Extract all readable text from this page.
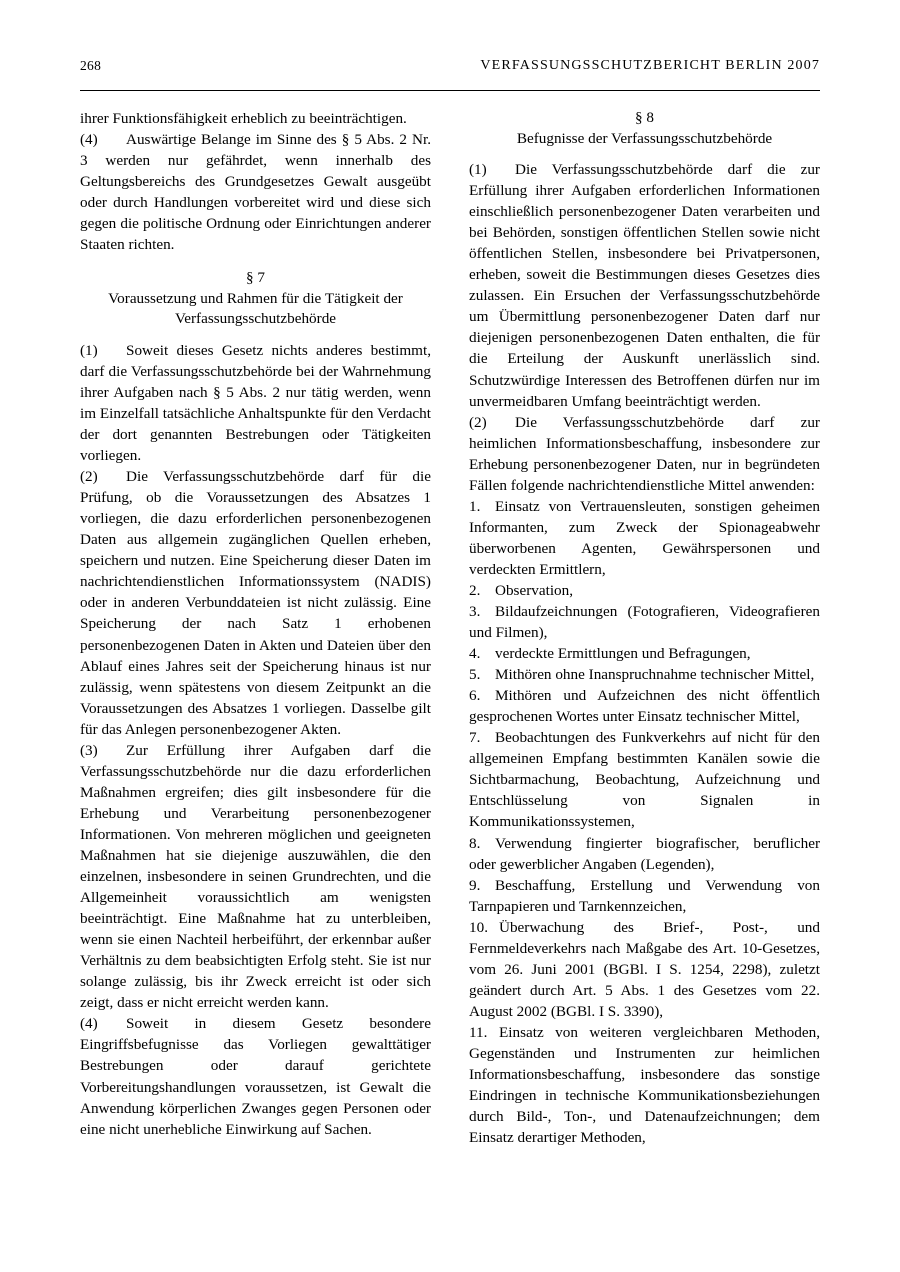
268	VERFASSUNGSSCHUTZBERICHT BERLIN 2007

ihrer Funktionsfähigkeit erheblich zu beeinträchtigen.

(4) Auswärtige Belange im Sinne des § 5 Abs. 2 Nr. 3 werden nur gefährdet, wenn innerhalb des Geltungsbereichs des Grundgesetzes Gewalt ausgeübt oder durch Handlungen vorbereitet wird und diese sich gegen die politische Ordnung oder Einrichtungen anderer Staaten richten.

§ 7
Voraussetzung und Rahmen für die Tätigkeit der Verfassungsschutzbehörde

(1) Soweit dieses Gesetz nichts anderes bestimmt, darf die Verfassungsschutzbehörde bei der Wahrnehmung ihrer Aufgaben nach § 5 Abs. 2 nur tätig werden, wenn im Einzelfall tatsächliche Anhaltspunkte für den Verdacht der dort genannten Bestrebungen oder Tätigkeiten vorliegen.

(2) Die Verfassungsschutzbehörde darf für die Prüfung, ob die Voraussetzungen des Absatzes 1 vorliegen, die dazu erforderlichen personenbezogenen Daten aus allgemein zugänglichen Quellen erheben, speichern und nutzen. Eine Speicherung dieser Daten im nachrichtendienstlichen Informationssystem (NADIS) oder in anderen Verbunddateien ist nicht zulässig. Eine Speicherung der nach Satz 1 erhobenen personenbezogenen Daten in Akten und Dateien über den Ablauf eines Jahres seit der Speicherung hinaus ist nur zulässig, wenn spätestens von diesem Zeitpunkt an die Voraussetzungen des Absatzes 1 vorliegen. Dasselbe gilt für das Anlegen personenbezogener Akten.

(3) Zur Erfüllung ihrer Aufgaben darf die Verfassungsschutzbehörde nur die dazu erforderlichen Maßnahmen ergreifen; dies gilt insbesondere für die Erhebung und Verarbeitung personenbezogener Informationen. Von mehreren möglichen und geeigneten Maßnahmen hat sie diejenige auszuwählen, die den einzelnen, insbesondere in seinen Grundrechten, und die Allgemeinheit voraussichtlich am wenigsten beeinträchtigt. Eine Maßnahme hat zu unterbleiben, wenn sie einen Nachteil herbeiführt, der erkennbar außer Verhältnis zu dem beabsichtigten Erfolg steht. Sie ist nur solange zulässig, bis ihr Zweck erreicht ist oder sich zeigt, dass er nicht erreicht werden kann.

(4) Soweit in diesem Gesetz besondere Eingriffsbefugnisse das Vorliegen gewalttätiger Bestrebungen oder darauf gerichtete Vorbereitungshandlungen voraussetzen, ist Gewalt die Anwendung körperlichen Zwanges gegen Personen oder eine nicht unerhebliche Einwirkung auf Sachen.

§ 8
Befugnisse der Verfassungsschutzbehörde

(1) Die Verfassungsschutzbehörde darf die zur Erfüllung ihrer Aufgaben erforderlichen Informationen einschließlich personenbezogener Daten verarbeiten und bei Behörden, sonstigen öffentlichen Stellen sowie nicht öffentlichen Stellen, insbesondere bei Privatpersonen, erheben, soweit die Bestimmungen dieses Gesetzes dies zulassen. Ein Ersuchen der Verfassungsschutzbehörde um Übermittlung personenbezogener Daten darf nur diejenigen personenbezogenen Daten enthalten, die für die Erteilung der Auskunft unerlässlich sind. Schutzwürdige Interessen des Betroffenen dürfen nur im unvermeidbaren Umfang beeinträchtigt werden.

(2) Die Verfassungsschutzbehörde darf zur heimlichen Informationsbeschaffung, insbesondere zur Erhebung personenbezogener Daten, nur in begründeten Fällen folgende nachrichtendienstliche Mittel anwenden:

1. Einsatz von Vertrauensleuten, sonstigen geheimen Informanten, zum Zweck der Spionageabwehr überworbenen Agenten, Gewährspersonen und verdeckten Ermittlern,

2. Observation,

3. Bildaufzeichnungen (Fotografieren, Videografieren und Filmen),

4. verdeckte Ermittlungen und Befragungen,

5. Mithören ohne Inanspruchnahme technischer Mittel,

6. Mithören und Aufzeichnen des nicht öffentlich gesprochenen Wortes unter Einsatz technischer Mittel,

7. Beobachtungen des Funkverkehrs auf nicht für den allgemeinen Empfang bestimmten Kanälen sowie die Sichtbarmachung, Beobachtung, Aufzeichnung und Entschlüsselung von Signalen in Kommunikationssystemen,

8. Verwendung fingierter biografischer, beruflicher oder gewerblicher Angaben (Legenden),

9. Beschaffung, Erstellung und Verwendung von Tarnpapieren und Tarnkennzeichen,

10. Überwachung des Brief-, Post-, und Fernmeldeverkehrs nach Maßgabe des Art. 10-Gesetzes, vom 26. Juni 2001 (BGBl. I S. 1254, 2298), zuletzt geändert durch Art. 5 Abs. 1 des Gesetzes vom 22. August 2002 (BGBl. I S. 3390),

11. Einsatz von weiteren vergleichbaren Methoden, Gegenständen und Instrumenten zur heimlichen Informationsbeschaffung, insbesondere das sonstige Eindringen in technische Kommunikationsbeziehungen durch Bild-, Ton-, und Datenaufzeichnungen; dem Einsatz derartiger Methoden,
